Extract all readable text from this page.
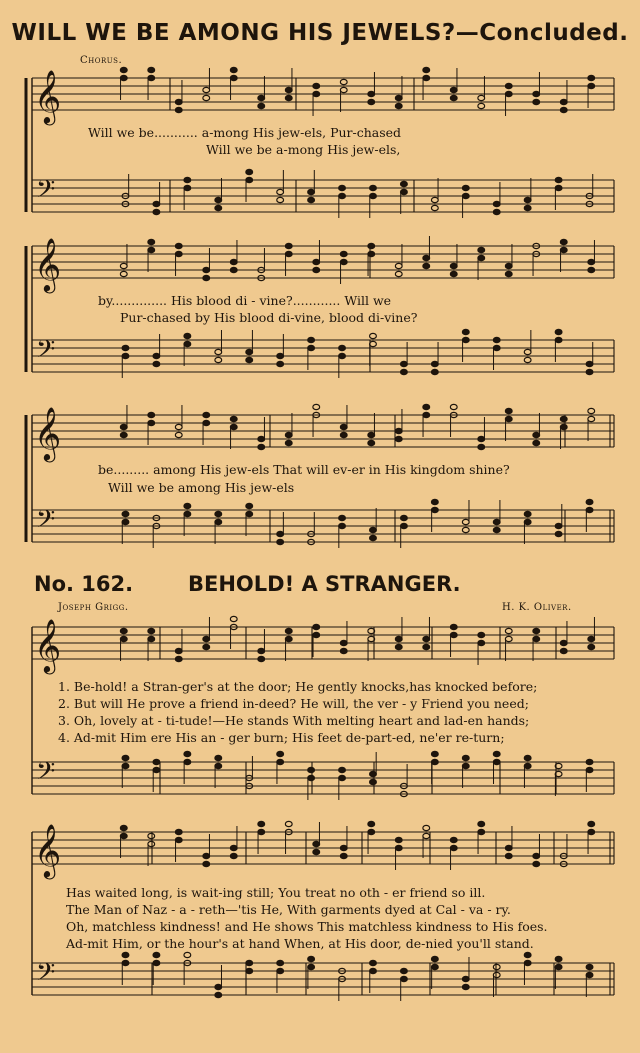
WILL WE BE AMONG HIS JEWELS?—Concluded.
Chorus.
𝄞
𝄢
𝄞
𝄢
𝄞
𝄢
𝄞
𝄢
𝄞
𝄢
Will we be........... a-mong His jew-els, Pur-chased
Will we be a-mong His jew-els,
by.............. His blood di - vine?............ Will we
Pur-chased by His blood di-vine, blood di-vine?
be......... among His jew-els That will ev-er in His kingdom shine?
Will we be among His jew-els
No. 162.	BEHOLD! A STRANGER.
Joseph Grigg.	H. K. Oliver.
1. Be-hold! a Stran-ger's at the door; He gently knocks,has knocked before;
2. But will He prove a friend in-deed? He will, the ver - y Friend you need;
3. Oh, lovely at - ti-tude!—He stands With melting heart and lad-en hands;
4. Ad-mit Him ere His an - ger burn; His feet de-part-ed, ne'er re-turn;
Has waited long, is wait-ing still; You treat no oth - er friend so ill.
The Man of Naz - a - reth—'tis He, With garments dyed at Cal - va - ry.
Oh, matchless kindness! and He shows This matchless kindness to His foes.
Ad-mit Him, or the hour's at hand When, at His door, de-nied you'll stand.
